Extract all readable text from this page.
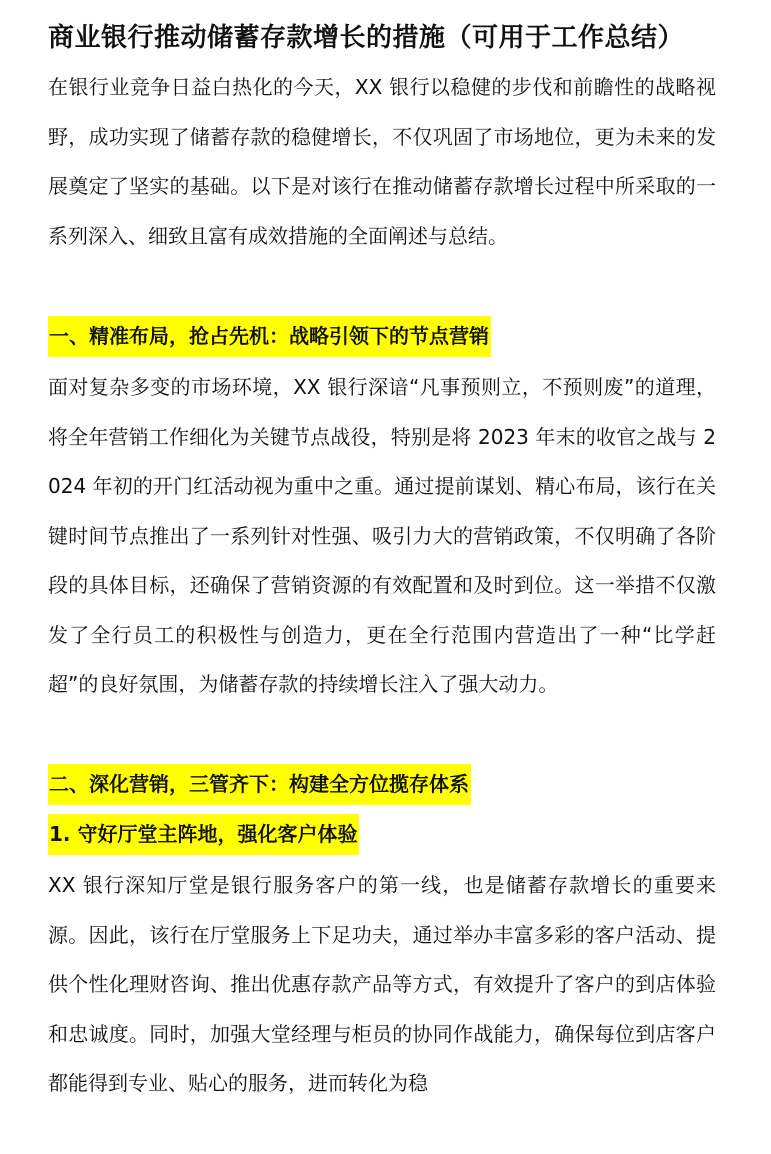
商业银行推动储蓄存款增长的措施（可用于工作总结）
在银行业竞争日益白热化的今天，XX 银行以稳健的步伐和前瞻性的战略视野，成功实现了储蓄存款的稳健增长，不仅巩固了市场地位，更为未来的发展奠定了坚实的基础。以下是对该行在推动储蓄存款增长过程中所采取的一系列深入、细致且富有成效措施的全面阐述与总结。
一、精准布局，抢占先机：战略引领下的节点营销
面对复杂多变的市场环境，XX 银行深谙“凡事预则立，不预则废”的道理，将全年营销工作细化为关键节点战役，特别是将 2023 年末的收官之战与 2024 年初的开门红活动视为重中之重。通过提前谋划、精心布局，该行在关键时间节点推出了一系列针对性强、吸引力大的营销政策，不仅明确了各阶段的具体目标，还确保了营销资源的有效配置和及时到位。这一举措不仅激发了全行员工的积极性与创造力，更在全行范围内营造出了一种“比学赶超”的良好氛围，为储蓄存款的持续增长注入了强大动力。
二、深化营销，三管齐下：构建全方位揽存体系
1. 守好厅堂主阵地，强化客户体验
XX 银行深知厅堂是银行服务客户的第一线，也是储蓄存款增长的重要来源。因此，该行在厅堂服务上下足功夫，通过举办丰富多彩的客户活动、提供个性化理财咨询、推出优惠存款产品等方式，有效提升了客户的到店体验和忠诚度。同时，加强大堂经理与柜员的协同作战能力，确保每位到店客户都能得到专业、贴心的服务，进而转化为稳
